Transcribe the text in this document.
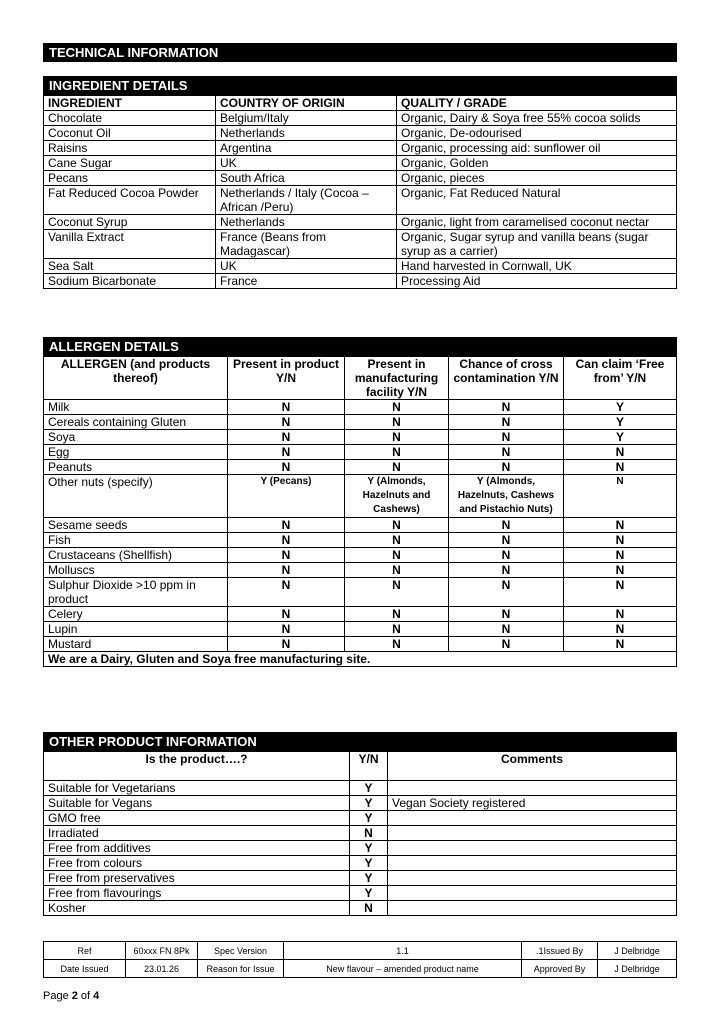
TECHNICAL INFORMATION
INGREDIENT DETAILS
INGREDIENT	COUNTRY OF ORIGIN	QUALITY / GRADE
Chocolate	Belgium/Italy	Organic, Dairy & Soya free 55% cocoa solids
Coconut Oil	Netherlands	Organic, De-odourised
Raisins	Argentina	Organic, processing aid: sunflower oil
Cane Sugar	UK	Organic, Golden
Pecans	South Africa	Organic, pieces
Fat Reduced Cocoa Powder	Netherlands / Italy (Cocoa – African /Peru)	Organic, Fat Reduced Natural
Coconut Syrup	Netherlands	Organic, light from caramelised coconut nectar
Vanilla Extract	France (Beans from Madagascar)	Organic, Sugar syrup and vanilla beans (sugar syrup as a carrier)
Sea Salt	UK	Hand harvested in Cornwall, UK
Sodium Bicarbonate	France	Processing Aid
ALLERGEN DETAILS
ALLERGEN (and products thereof)	Present in product Y/N	Present in manufacturing facility Y/N	Chance of cross contamination Y/N	Can claim ‘Free from’ Y/N
Milk	N	N	N	Y
Cereals containing Gluten	N	N	N	Y
Soya	N	N	N	Y
Egg	N	N	N	N
Peanuts	N	N	N	N
Other nuts (specify)	Y (Pecans)	Y (Almonds, Hazelnuts and Cashews)	Y (Almonds, Hazelnuts, Cashews and Pistachio Nuts)	N
Sesame seeds	N	N	N	N
Fish	N	N	N	N
Crustaceans (Shellfish)	N	N	N	N
Molluscs	N	N	N	N
Sulphur Dioxide >10 ppm in product	N	N	N	N
Celery	N	N	N	N
Lupin	N	N	N	N
Mustard	N	N	N	N
We are a Dairy, Gluten and Soya free manufacturing site.				
OTHER PRODUCT INFORMATION
Is the product….?	Y/N	Comments
Suitable for Vegetarians	Y	
Suitable for Vegans	Y	Vegan Society registered
GMO free	Y	
Irradiated	N	
Free from additives	Y	
Free from colours	Y	
Free from preservatives	Y	
Free from flavourings	Y	
Kosher	N	
Ref	60xxx FN 8Pk	Spec Version	1.1	.1Issued By	J Delbridge
Date Issued	23.01.26	Reason for Issue	New flavour – amended product name	Approved By	J Delbridge
Page 2 of 4
